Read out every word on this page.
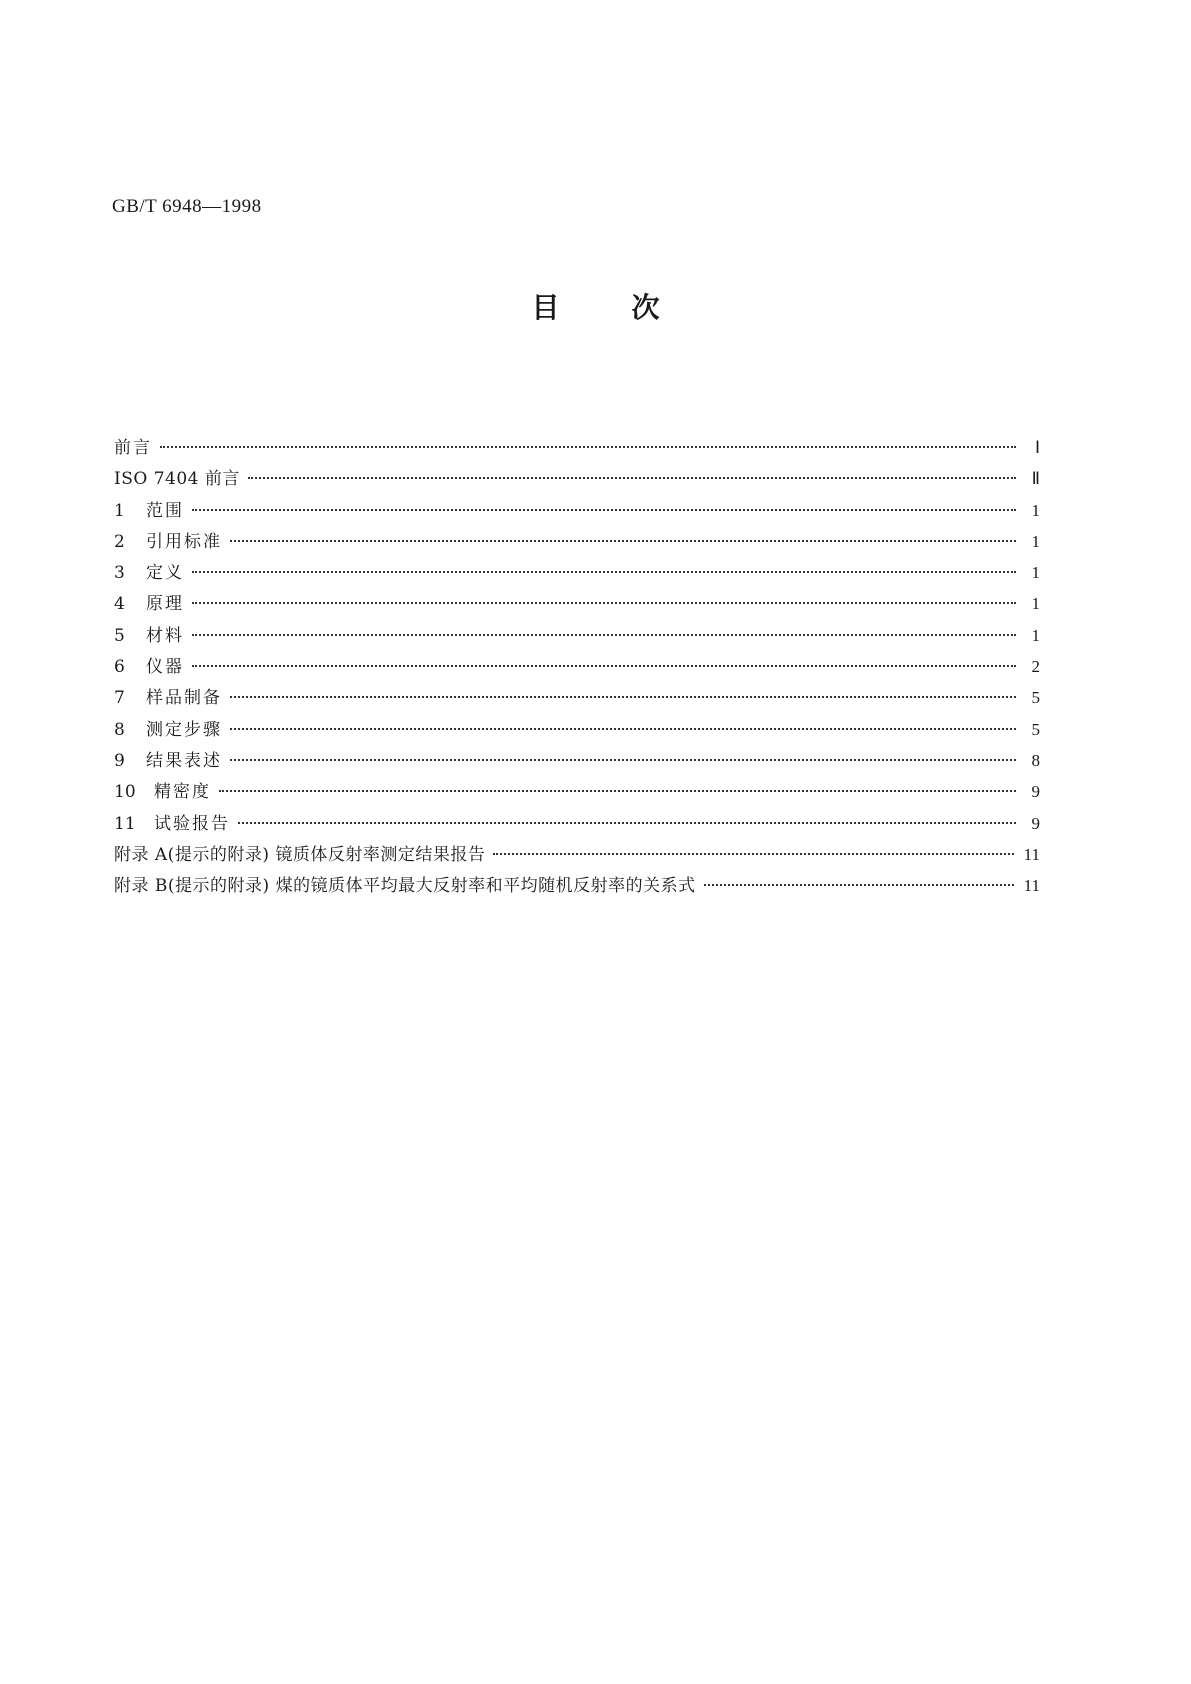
GB/T 6948—1998
目次
前言	Ⅰ
ISO 7404 前言	Ⅱ
1	范围	1
2	引用标准	1
3	定义	1
4	原理	1
5	材料	1
6	仪器	2
7	样品制备	5
8	测定步骤	5
9	结果表述	8
10	精密度	9
11	试验报告	9
附录 A(提示的附录) 镜质体反射率测定结果报告	11
附录 B(提示的附录) 煤的镜质体平均最大反射率和平均随机反射率的关系式	11
